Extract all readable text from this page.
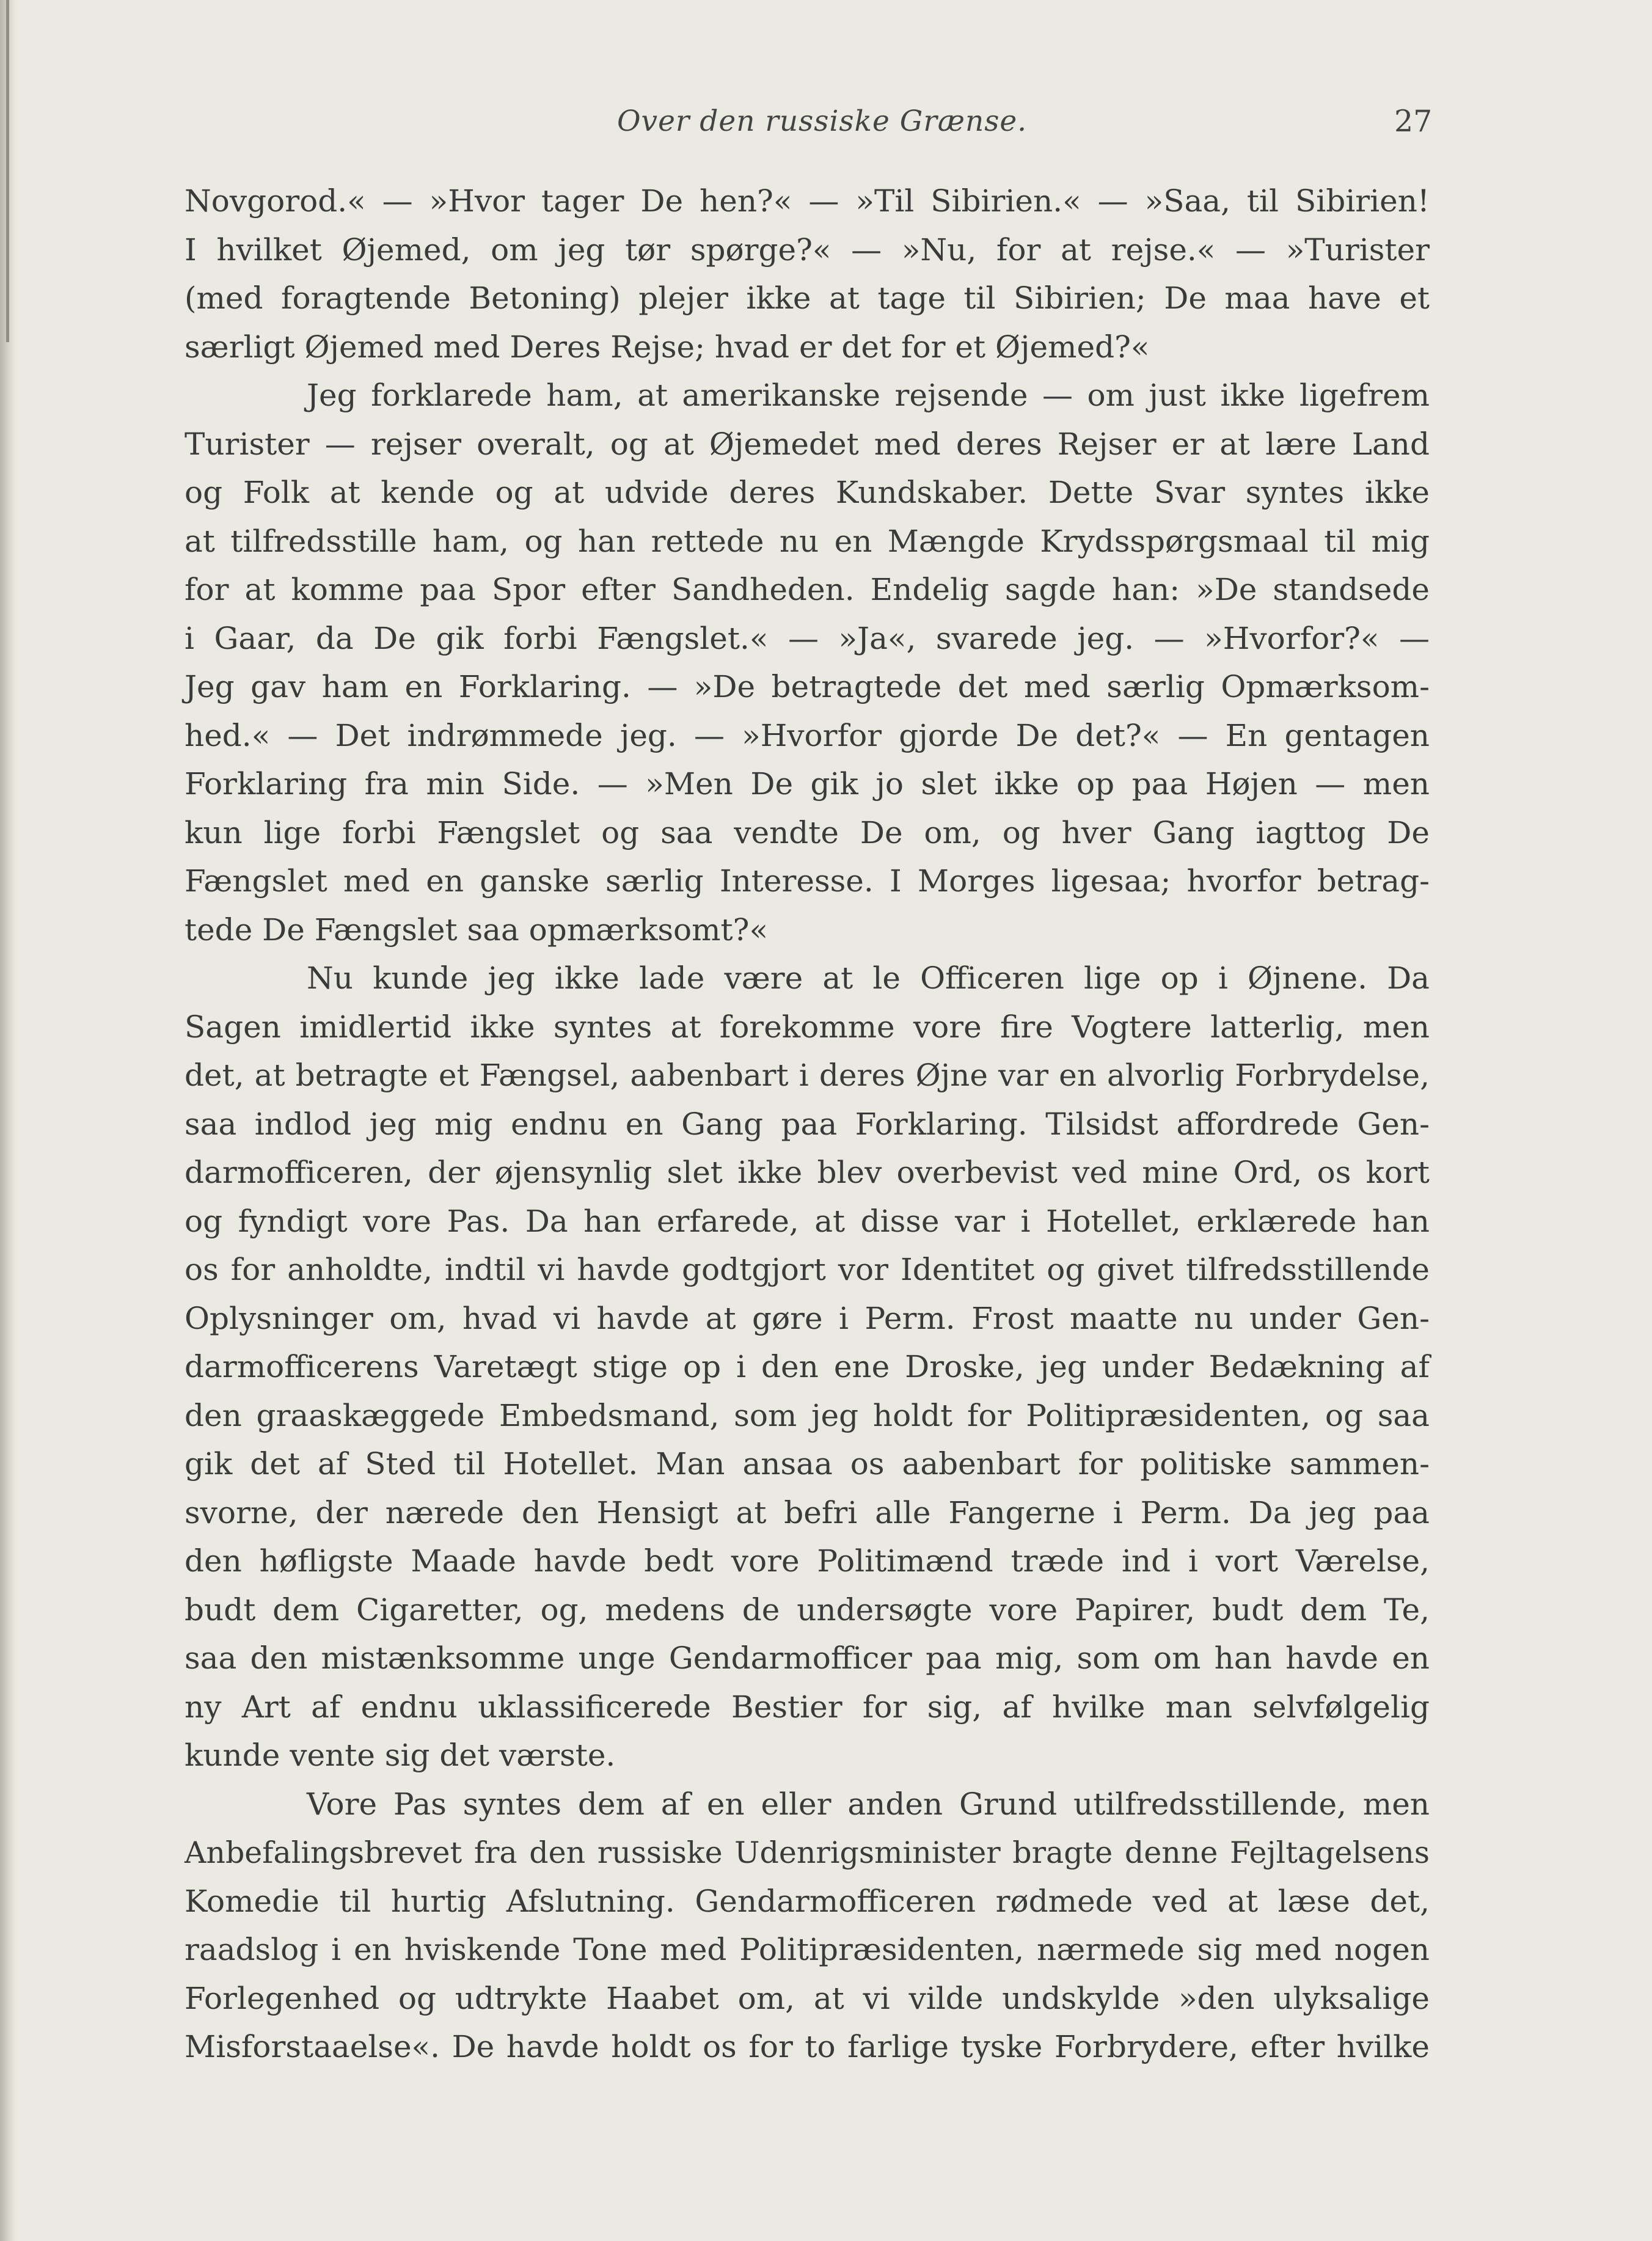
Over den russiske Grænse.	27
Novgorod.« — »Hvor tager De hen?« — »Til Sibirien.« — »Saa, til Sibirien!
I hvilket Øjemed, om jeg tør spørge?« — »Nu, for at rejse.« — »Turister
(med foragtende Betoning) plejer ikke at tage til Sibirien; De maa have et
særligt Øjemed med Deres Rejse; hvad er det for et Øjemed?«
Jeg forklarede ham, at amerikanske rejsende — om just ikke ligefrem
Turister — rejser overalt, og at Øjemedet med deres Rejser er at lære Land
og Folk at kende og at udvide deres Kundskaber. Dette Svar syntes ikke
at tilfredsstille ham, og han rettede nu en Mængde Krydsspørgsmaal til mig
for at komme paa Spor efter Sandheden. Endelig sagde han: »De standsede
i Gaar, da De gik forbi Fængslet.« — »Ja«, svarede jeg. — »Hvorfor?« —
Jeg gav ham en Forklaring. — »De betragtede det med særlig Opmærksom-
hed.« — Det indrømmede jeg. — »Hvorfor gjorde De det?« — En gentagen
Forklaring fra min Side. — »Men De gik jo slet ikke op paa Højen — men
kun lige forbi Fængslet og saa vendte De om, og hver Gang iagttog De
Fængslet med en ganske særlig Interesse. I Morges ligesaa; hvorfor betrag-
tede De Fængslet saa opmærksomt?«
Nu kunde jeg ikke lade være at le Officeren lige op i Øjnene. Da
Sagen imidlertid ikke syntes at forekomme vore fire Vogtere latterlig, men
det, at betragte et Fængsel, aabenbart i deres Øjne var en alvorlig Forbrydelse,
saa indlod jeg mig endnu en Gang paa Forklaring. Tilsidst affordrede Gen-
darmofficeren, der øjensynlig slet ikke blev overbevist ved mine Ord, os kort
og fyndigt vore Pas. Da han erfarede, at disse var i Hotellet, erklærede han
os for anholdte, indtil vi havde godtgjort vor Identitet og givet tilfredsstillende
Oplysninger om, hvad vi havde at gøre i Perm. Frost maatte nu under Gen-
darmofficerens Varetægt stige op i den ene Droske, jeg under Bedækning af
den graaskæggede Embedsmand, som jeg holdt for Politipræsidenten, og saa
gik det af Sted til Hotellet. Man ansaa os aabenbart for politiske sammen-
svorne, der nærede den Hensigt at befri alle Fangerne i Perm. Da jeg paa
den høfligste Maade havde bedt vore Politimænd træde ind i vort Værelse,
budt dem Cigaretter, og, medens de undersøgte vore Papirer, budt dem Te,
saa den mistænksomme unge Gendarmofficer paa mig, som om han havde en
ny Art af endnu uklassificerede Bestier for sig, af hvilke man selvfølgelig
kunde vente sig det værste.
Vore Pas syntes dem af en eller anden Grund utilfredsstillende, men
Anbefalingsbrevet fra den russiske Udenrigsminister bragte denne Fejltagelsens
Komedie til hurtig Afslutning. Gendarmofficeren rødmede ved at læse det,
raadslog i en hviskende Tone med Politipræsidenten, nærmede sig med nogen
Forlegenhed og udtrykte Haabet om, at vi vilde undskylde »den ulyksalige
Misforstaaelse«. De havde holdt os for to farlige tyske Forbrydere, efter hvilke
